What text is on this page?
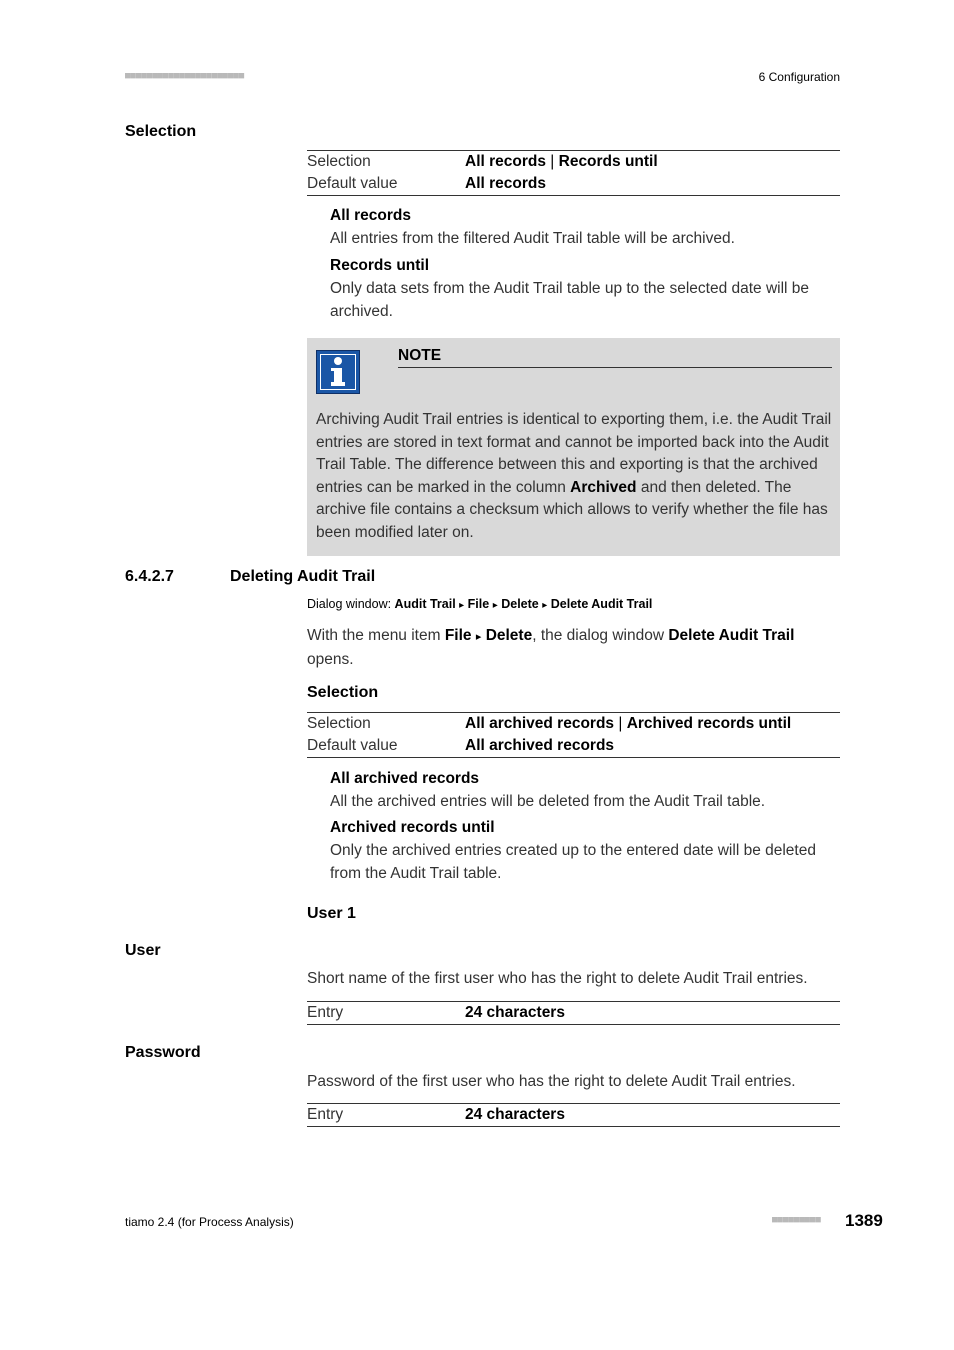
■■■■■■■■■■■■■■■■■■■■■■	6 Configuration
Selection
Selection	All records | Records until
Default value	All records
All records
All entries from the filtered Audit Trail table will be archived.
Records until
Only data sets from the Audit Trail table up to the selected date will be archived.
NOTE
Archiving Audit Trail entries is identical to exporting them, i.e. the Audit Trail entries are stored in text format and cannot be imported back into the Audit Trail Table. The difference between this and exporting is that the archived entries can be marked in the column Archived and then deleted. The archive file contains a checksum which allows to verify whether the file has been modified later on.
6.4.2.7	Deleting Audit Trail
Dialog window: Audit Trail ▸ File ▸ Delete ▸ Delete Audit Trail
With the menu item File ▸ Delete, the dialog window Delete Audit Trail opens.
Selection
Selection	All archived records | Archived records until
Default value	All archived records
All archived records
All the archived entries will be deleted from the Audit Trail table.
Archived records until
Only the archived entries created up to the entered date will be deleted from the Audit Trail table.
User 1
User
Short name of the first user who has the right to delete Audit Trail entries.
Entry	24 characters
Password
Password of the first user who has the right to delete Audit Trail entries.
Entry	24 characters
tiamo 2.4 (for Process Analysis)	■■■■■■■■■ 1389
